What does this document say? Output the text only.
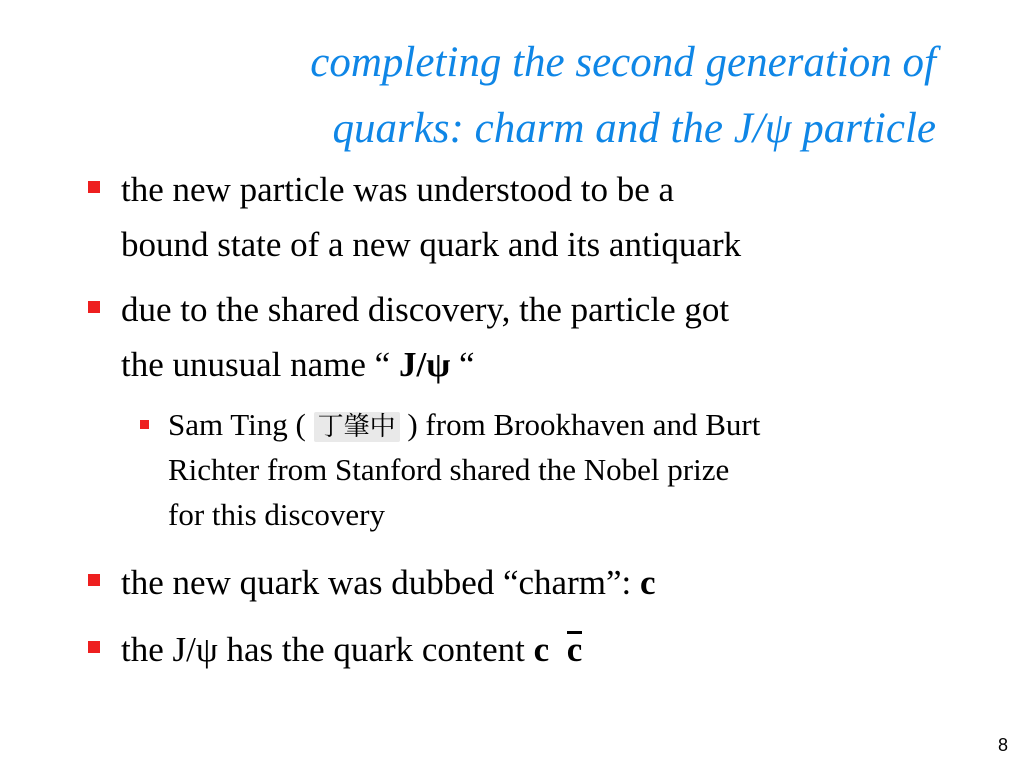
completing the second generation of
quarks: charm and the J/ψ particle
the new particle was understood to be a
bound state of a new quark and its antiquark
due to the shared discovery, the particle got
the unusual name “ J/ψ “
Sam Ting ( 丁肇中 ) from Brookhaven and Burt
Richter from Stanford shared the Nobel prize
for this discovery
the new quark was dubbed “charm”: c
the J/ψ has the quark content c c
8
